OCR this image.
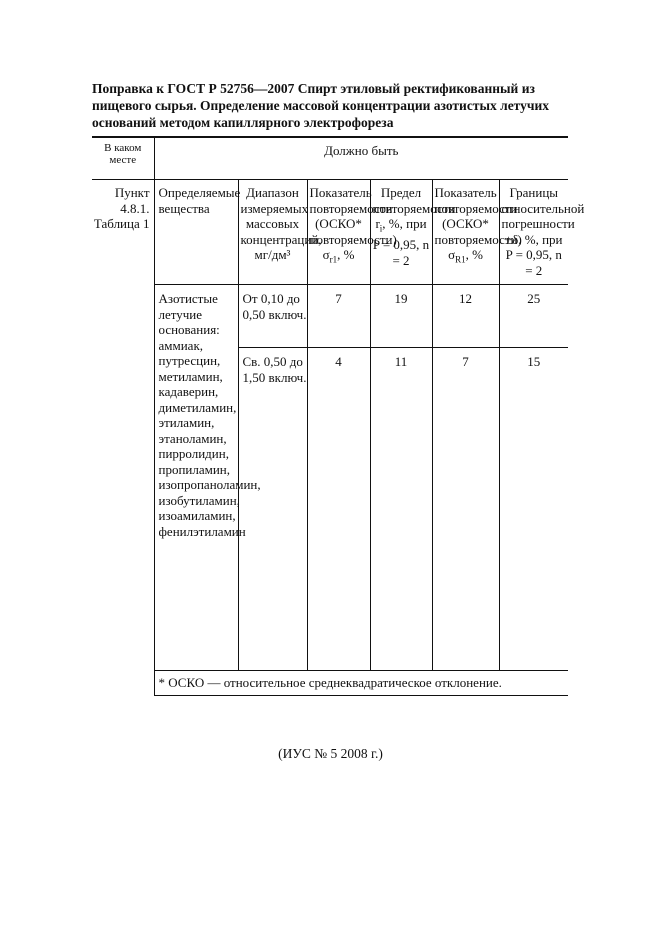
Поправка к ГОСТ Р 52756—2007 Спирт этиловый ректификованный из
пищевого сырья. Определение массовой концентрации азотистых летучих
оснований методом капиллярного электрофореза
В каком месте	Должно быть					
Пункт 4.8.1. Таблица 1	Определяемые вещества	Диапазон измеряемых массовых концентраций, мг/дм³	Показатель повторяемости (ОСКО* повторяемости) $\sigma_{r1}$, %	Предел повторяемости $r_i$, %, при P = 0,95, n = 2	Показатель повторяемости (ОСКО* повторяемости) $\sigma_{R1}$, %	Границы относительной погрешности ±δ, %, при P = 0,95, n = 2
	Азотистые летучие основания: аммиак, путресцин, метиламин, кадаверин, диметиламин, этиламин, этаноламин, пирролидин, пропиламин, изопропаноламин, изобутиламин, изоамиламин, фенилэтиламин	От 0,10 до 0,50 включ.	7	19	12	25
		Св. 0,50 до 1,50 включ.	4	11	7	15
	* ОСКО — относительное среднеквадратическое отклонение.					
(ИУС № 5 2008 г.)
